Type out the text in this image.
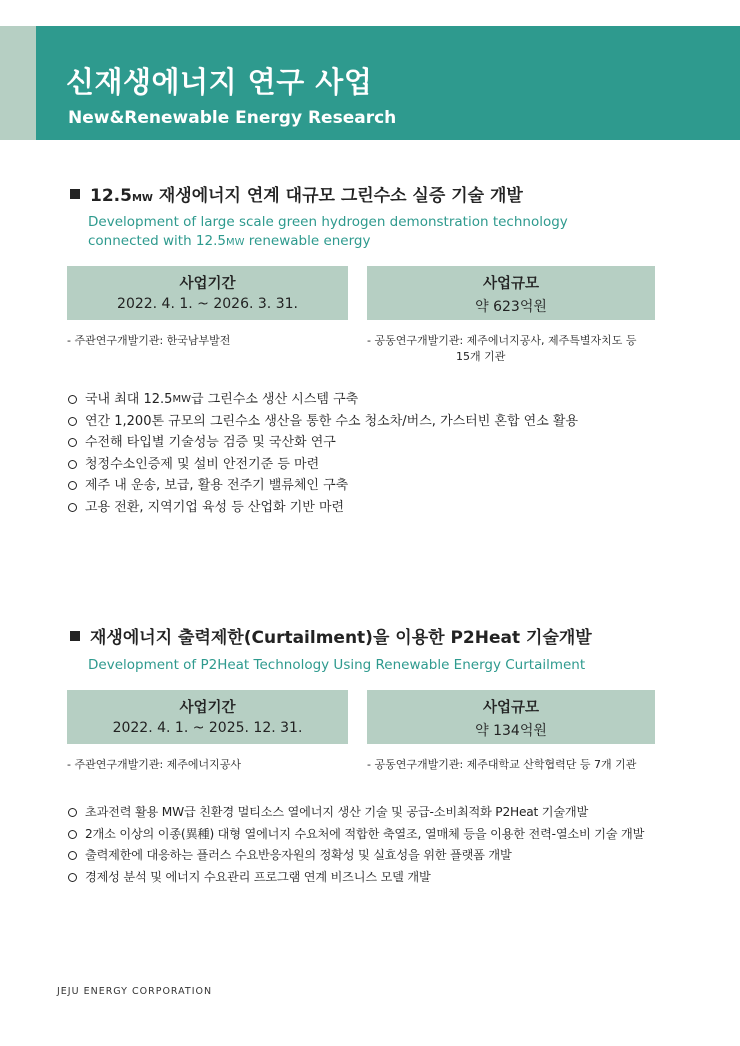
신재생에너지 연구 사업
New&Renewable Energy Research
12.5MW 재생에너지 연계 대규모 그린수소 실증 기술 개발
Development of large scale green hydrogen demonstration technology
connected with 12.5MW renewable energy
사업기간
2022. 4. 1. ~ 2026. 3. 31.
사업규모
약 623억원
- 주관연구개발기관: 한국남부발전	- 공동연구개발기관: 제주에너지공사, 제주특별자치도 등
15개 기관
국내 최대 12.5 MW 급 그린수소 생산 시스템 구축
연간 1,200톤 규모의 그린수소 생산을 통한 수소 청소차/버스, 가스터빈 혼합 연소 활용
수전해 타입별 기술성능 검증 및 국산화 연구
청정수소인증제 및 설비 안전기준 등 마련
제주 내 운송, 보급, 활용 전주기 밸류체인 구축
고용 전환, 지역기업 육성 등 산업화 기반 마련
재생에너지 출력제한(Curtailment)을 이용한 P2Heat 기술개발
Development of P2Heat Technology Using Renewable Energy Curtailment
사업기간
2022. 4. 1. ~ 2025. 12. 31.
사업규모
약 134억원
- 주관연구개발기관: 제주에너지공사	- 공동연구개발기관: 제주대학교 산학협력단 등 7개 기관
초과전력 활용 MW급 친환경 멀티소스 열에너지 생산 기술 및 공급-소비최적화 P2Heat 기술개발
2개소 이상의 이종(異種) 대형 열에너지 수요처에 적합한 축열조, 열매체 등을 이용한 전력-열소비 기술 개발
출력제한에 대응하는 플러스 수요반응자원의 정확성 및 실효성을 위한 플랫폼 개발
경제성 분석 및 에너지 수요관리 프로그램 연계 비즈니스 모델 개발
JEJU ENERGY CORPORATION
